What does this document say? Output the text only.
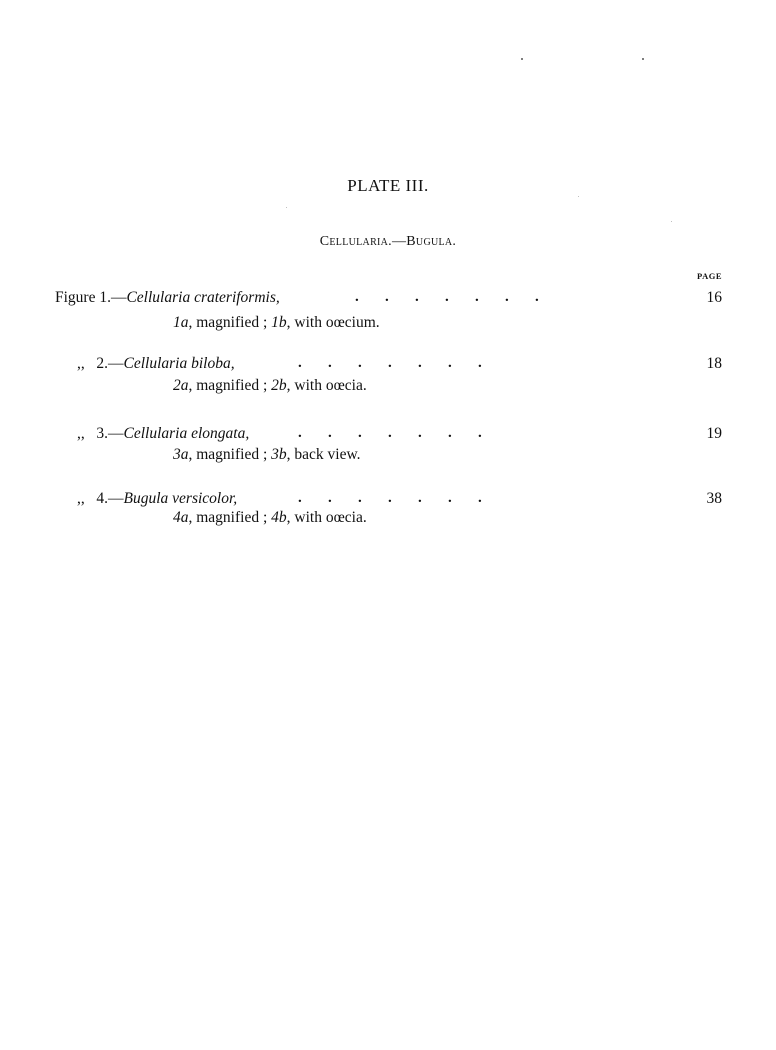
PLATE III.
Cellularia.—Bugula.
PAGE
Figure 1.—Cellularia crateriformis,	.       .       .       .       .       .       .	16
1a, magnified ; 1b, with oœcium.
,,   2.—Cellularia biloba,	.       .       .       .       .       .       .	18
2a, magnified ; 2b, with oœcia.
,,   3.—Cellularia elongata,	.       .       .       .       .       .       .	19
3a, magnified ; 3b, back view.
,,   4.—Bugula versicolor,	.       .       .       .       .       .       .	38
4a, magnified ; 4b, with oœcia.
